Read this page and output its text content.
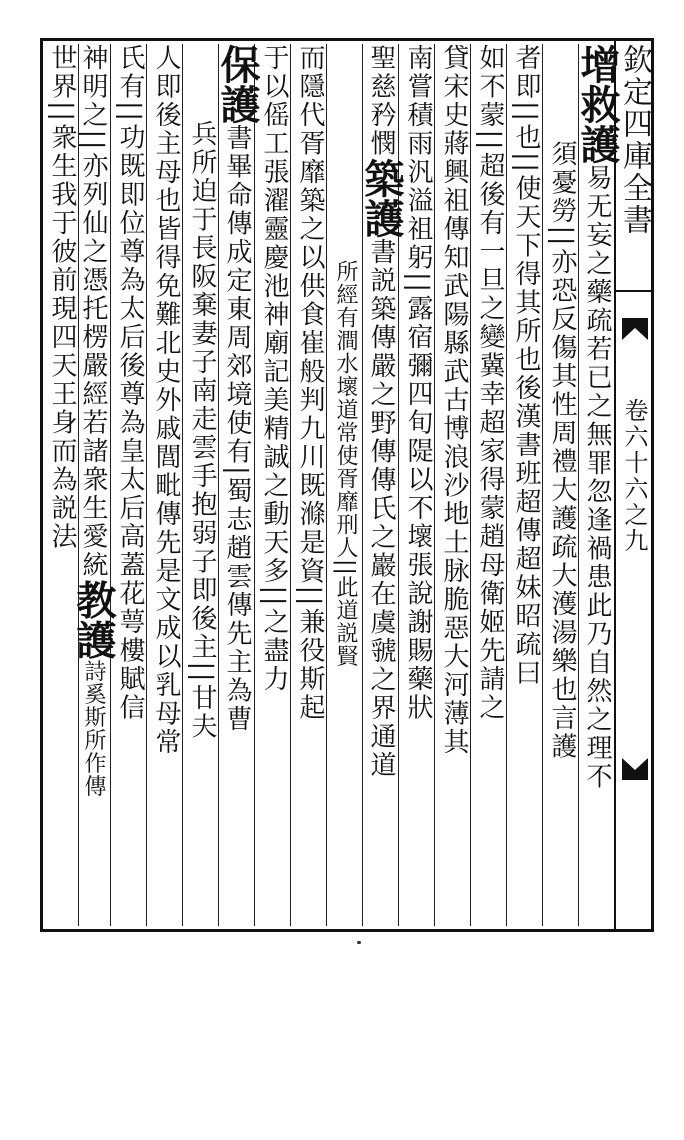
欽定四庫全書
卷六十六之九
增救護易无妄之藥疏若已之無罪忽逢禍患此乃自然之理不
須憂勞||亦恐反傷其性周禮大護疏大濩湯樂也言護
者即||也||使天下得其所也後漢書班超傳超妹昭疏曰
如不蒙||超後有一旦之變冀幸超家得蒙趙母衛姬先請之
貸宋史蔣興祖傳知武陽縣武古博浪沙地土脉脆惡大河薄其
南嘗積雨汎溢祖躬||露宿彌四旬隄以不壞張說謝賜藥狀
聖慈矜憫築護書説築傳嚴之野傳傳氏之巖在虞虢之界通道
所經有澗水壞道常使胥靡刑人||此道説賢
而隱代胥靡築之以供食崔般判九川既滌是資||兼役斯起
于以傜工張濯靈慶池神廟記美精誠之動天多||之盡力
保護書畢命傳成定東周郊境使有|蜀志趙雲傳先主為曹
兵所迫于長阪棄妻子南走雲手抱弱子即後主||甘夫
人即後主母也皆得免難北史外戚閭毗傳先是文成以乳母常
氏有||功既即位尊為太后後尊為皇太后高蓋花萼樓賦信
神明之||亦列仙之憑托楞嚴經若諸衆生愛統教護詩奚斯所作傳
世界||衆生我于彼前現四天王身而為説法
